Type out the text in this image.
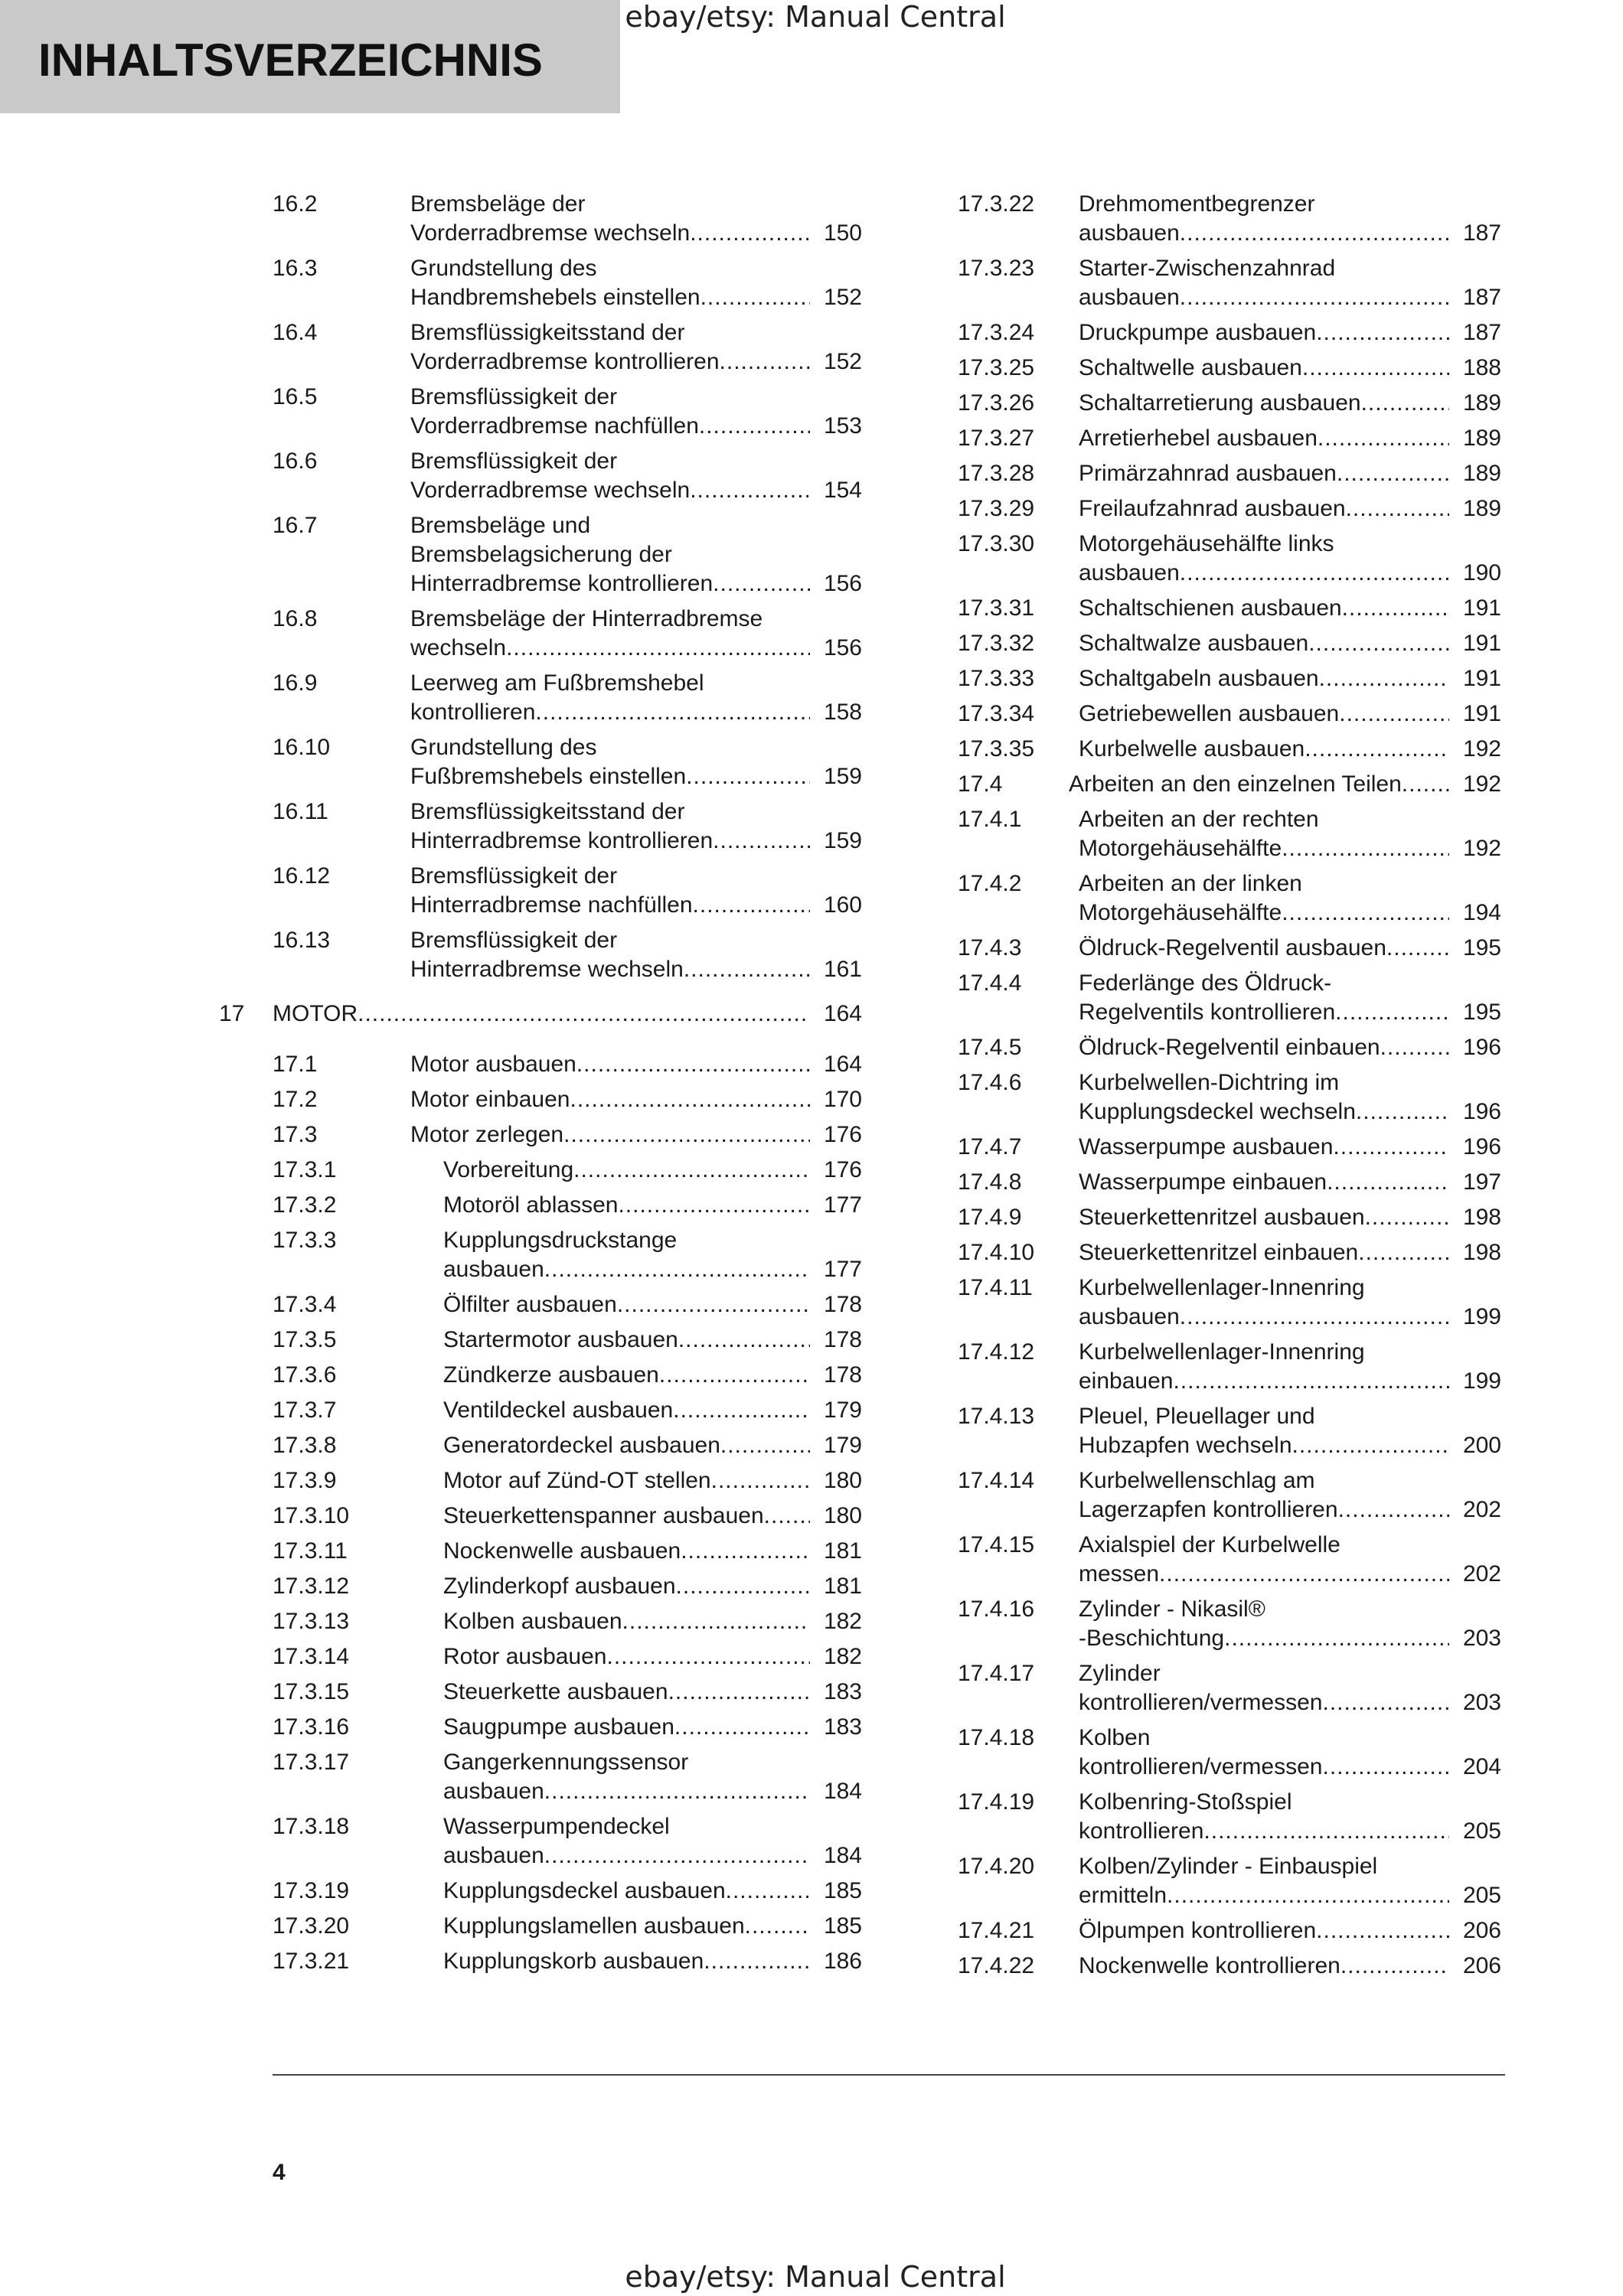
INHALTSVERZEICHNIS
ebay/etsy: Manual Central
16.2	Bremsbeläge der
Vorderradbremse wechseln .....	150
16.3	Grundstellung des
Handbremshebels einstellen .....	152
16.4	Bremsflüssigkeitsstand der
Vorderradbremse kontrollieren .....	152
16.5	Bremsflüssigkeit der
Vorderradbremse nachfüllen .....	153
16.6	Bremsflüssigkeit der
Vorderradbremse wechseln .....	154
16.7	Bremsbeläge und
Bremsbelagsicherung der
Hinterradbremse kontrollieren .....	156
16.8	Bremsbeläge der Hinterradbremse
wechseln .....	156
16.9	Leerweg am Fußbremshebel
kontrollieren .....	158
16.10	Grundstellung des
Fußbremshebels einstellen .....	159
16.11	Bremsflüssigkeitsstand der
Hinterradbremse kontrollieren .....	159
16.12	Bremsflüssigkeit der
Hinterradbremse nachfüllen .....	160
16.13	Bremsflüssigkeit der
Hinterradbremse wechseln .....	161
17 MOTOR .....	164
17.1	Motor ausbauen .....	164
17.2	Motor einbauen .....	170
17.3	Motor zerlegen .....	176
17.3.1	Vorbereitung .....	176
17.3.2	Motoröl ablassen .....	177
17.3.3	Kupplungsdruckstange
ausbauen .....	177
17.3.4	Ölfilter ausbauen .....	178
17.3.5	Startermotor ausbauen .....	178
17.3.6	Zündkerze ausbauen .....	178
17.3.7	Ventildeckel ausbauen .....	179
17.3.8	Generatordeckel ausbauen .....	179
17.3.9	Motor auf Zünd-OT stellen .....	180
17.3.10	Steuerkettenspanner ausbauen .....	180
17.3.11	Nockenwelle ausbauen .....	181
17.3.12	Zylinderkopf ausbauen .....	181
17.3.13	Kolben ausbauen .....	182
17.3.14	Rotor ausbauen .....	182
17.3.15	Steuerkette ausbauen .....	183
17.3.16	Saugpumpe ausbauen .....	183
17.3.17	Gangerkennungssensor
ausbauen .....	184
17.3.18	Wasserpumpendeckel
ausbauen .....	184
17.3.19	Kupplungsdeckel ausbauen .....	185
17.3.20	Kupplungslamellen ausbauen .....	185
17.3.21	Kupplungskorb ausbauen .....	186
17.3.22 Drehmomentbegrenzer
ausbauen .....	187
17.3.23 Starter-Zwischenzahnrad
ausbauen .....	187
17.3.24 Druckpumpe ausbauen .....	187
17.3.25 Schaltwelle ausbauen .....	188
17.3.26 Schaltarretierung ausbauen .....	189
17.3.27 Arretierhebel ausbauen .....	189
17.3.28 Primärzahnrad ausbauen .....	189
17.3.29 Freilaufzahnrad ausbauen .....	189
17.3.30 Motorgehäusehälfte links
ausbauen .....	190
17.3.31 Schaltschienen ausbauen .....	191
17.3.32 Schaltwalze ausbauen .....	191
17.3.33 Schaltgabeln ausbauen .....	191
17.3.34 Getriebewellen ausbauen .....	191
17.3.35 Kurbelwelle ausbauen .....	192
17.4	Arbeiten an den einzelnen Teilen .....	192
17.4.1 Arbeiten an der rechten
Motorgehäusehälfte .....	192
17.4.2 Arbeiten an der linken
Motorgehäusehälfte .....	194
17.4.3 Öldruck-Regelventil ausbauen .....	195
17.4.4 Federlänge des Öldruck-
Regelventils kontrollieren .....	195
17.4.5 Öldruck-Regelventil einbauen .....	196
17.4.6 Kurbelwellen-Dichtring im
Kupplungsdeckel wechseln .....	196
17.4.7 Wasserpumpe ausbauen .....	196
17.4.8 Wasserpumpe einbauen .....	197
17.4.9 Steuerkettenritzel ausbauen .....	198
17.4.10 Steuerkettenritzel einbauen .....	198
17.4.11 Kurbelwellenlager-Innenring
ausbauen .....	199
17.4.12 Kurbelwellenlager-Innenring
einbauen .....	199
17.4.13 Pleuel, Pleuellager und
Hubzapfen wechseln .....	200
17.4.14 Kurbelwellenschlag am
Lagerzapfen kontrollieren .....	202
17.4.15 Axialspiel der Kurbelwelle
messen .....	202
17.4.16 Zylinder - Nikasil®
-Beschichtung .....	203
17.4.17 Zylinder
kontrollieren/vermessen .....	203
17.4.18 Kolben
kontrollieren/vermessen .....	204
17.4.19 Kolbenring-Stoßspiel
kontrollieren .....	205
17.4.20 Kolben/Zylinder - Einbauspiel
ermitteln .....	205
17.4.21 Ölpumpen kontrollieren .....	206
17.4.22 Nockenwelle kontrollieren .....	206
4
ebay/etsy: Manual Central
